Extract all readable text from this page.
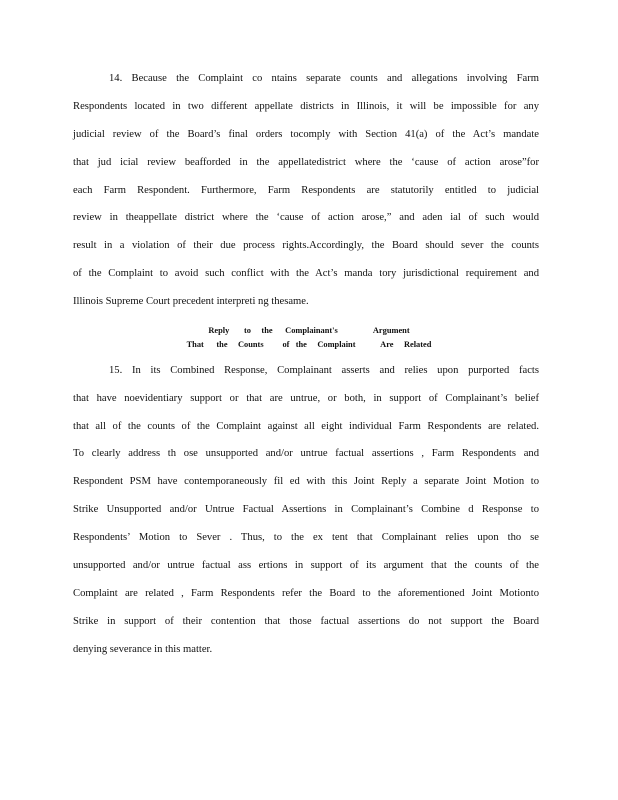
14. Because the Complaint co ntains separate counts and allegations involving Farm
Respondents located in two different appellate districts in Illinois, it will be impossible for any
judicial review of the Board’s final orders tocomply with Section 41(a) of the Act’s mandate
that jud icial review beafforded in the appellatedistrict where the ‘cause of action arose”for
each Farm Respondent. Furthermore, Farm Respondents are statutorily entitled to judicial
review in theappellate district where the ‘cause of action arose,” and aden ial of such would
result in a violation of their due process rights.Accordingly, the Board should sever the counts
of the Complaint to avoid such conflict with the Act’s manda tory jurisdictional requirement and
Illinois Supreme Court precedent interpreti ng thesame.
Reply       to     the      Complainant's                 Argument
That      the     Counts         of   the     Complaint            Are     Related
15. In its Combined Response, Complainant asserts and relies upon purported facts
that have noevidentiary support or that are untrue, or both, in support of Complainant’s belief
that all of the counts of the Complaint against all eight individual Farm Respondents are related.
To clearly address th ose unsupported and/or untrue factual assertions , Farm Respondents and
Respondent PSM have contemporaneously fil ed with this Joint Reply a separate Joint Motion to
Strike Unsupported and/or Untrue Factual Assertions in Complainant’s Combine d Response to
Respondents’ Motion to Sever . Thus, to the ex tent that Complainant relies upon tho se
unsupported and/or untrue factual ass ertions in support of its argument that the counts of the
Complaint are related , Farm Respondents refer the Board to the aforementioned Joint Motionto
Strike in support of their contention that those factual assertions do not support the Board
denying severance in this matter.
